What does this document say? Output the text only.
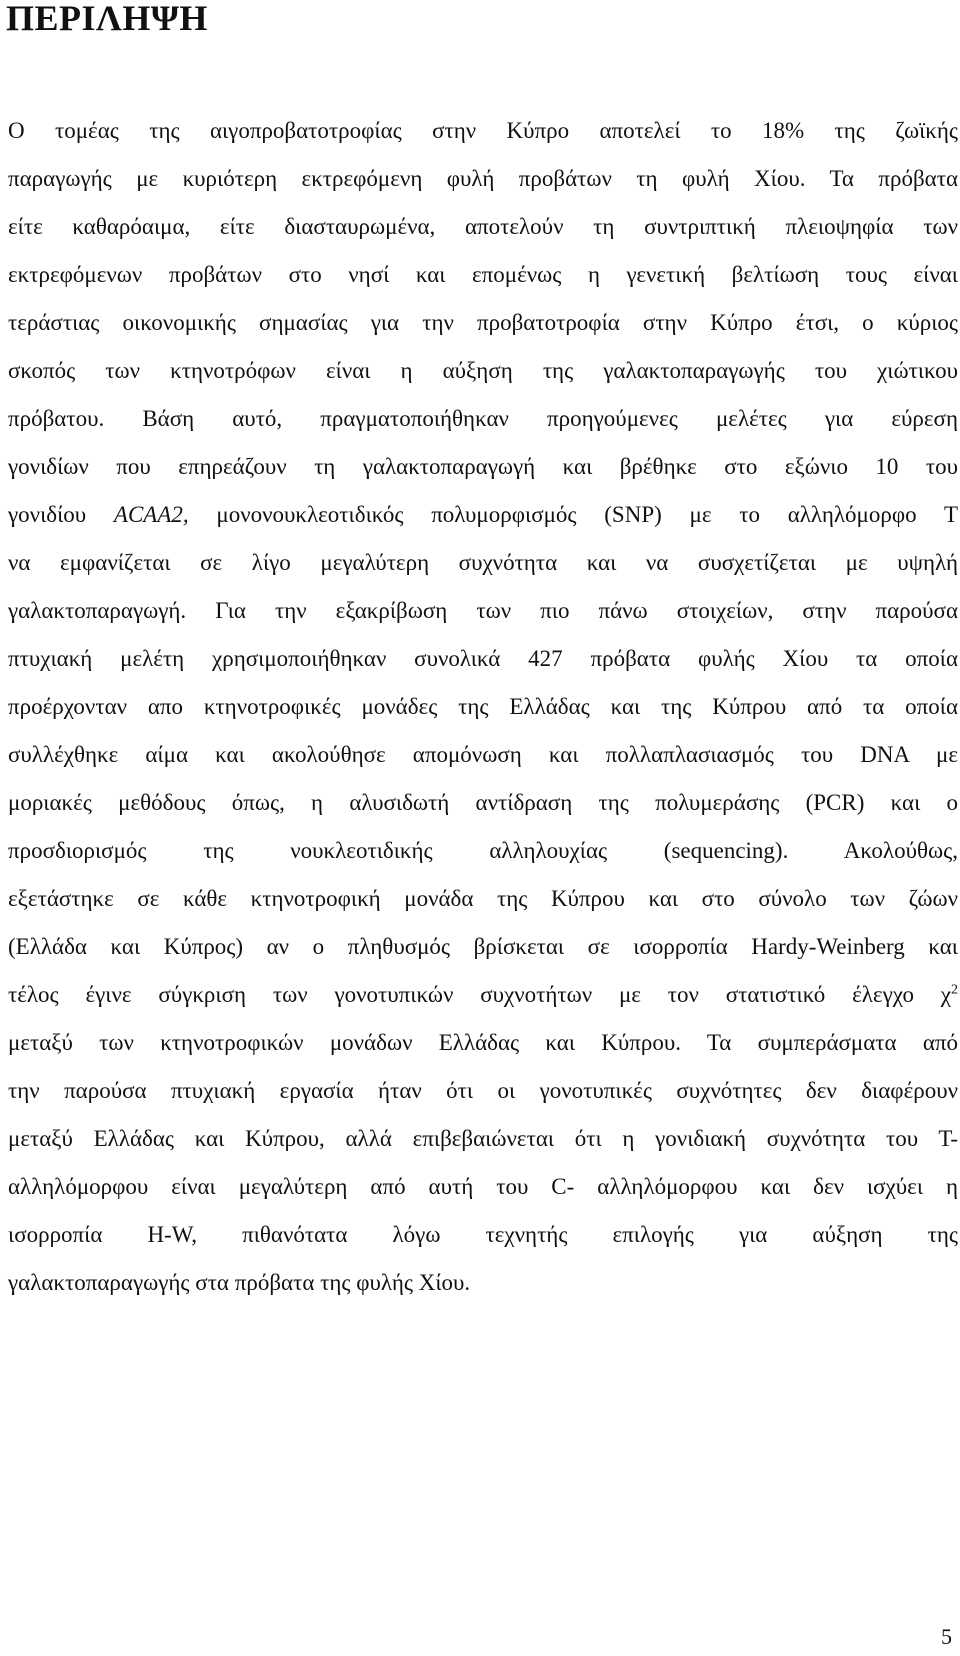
ΠΕΡΙΛΗΨΗ
Ο τομέας της αιγοπροβατοτροφίας στην Κύπρο αποτελεί το 18% της ζωϊκής
παραγωγής με κυριότερη εκτρεφόμενη φυλή προβάτων τη φυλή Χίου. Τα πρόβατα
είτε καθαρόαιμα, είτε διασταυρωμένα, αποτελούν τη συντριπτική πλειοψηφία των
εκτρεφόμενων προβάτων στο νησί και επομένως η γενετική βελτίωση τους είναι
τεράστιας οικονομικής σημασίας για την προβατοτροφία στην Κύπρο έτσι, ο κύριος
σκοπός των κτηνοτρόφων είναι η αύξηση της γαλακτοπαραγωγής του χιώτικου
πρόβατου. Βάση αυτό, πραγματοποιήθηκαν προηγούμενες μελέτες για εύρεση
γονιδίων που επηρεάζουν τη γαλακτοπαραγωγή και βρέθηκε στο εξώνιο 10 του
γονιδίου ACAA2, μονονουκλεοτιδικός πολυμορφισμός (SNP) με το αλληλόμορφο Τ
να εμφανίζεται σε λίγο μεγαλύτερη συχνότητα και να συσχετίζεται με υψηλή
γαλακτοπαραγωγή. Για την εξακρίβωση των πιο πάνω στοιχείων, στην παρούσα
πτυχιακή μελέτη χρησιμοποιήθηκαν συνολικά 427 πρόβατα φυλής Χίου τα οποία
προέρχονταν απο κτηνοτροφικές μονάδες της Ελλάδας και της Κύπρου από τα οποία
συλλέχθηκε αίμα και ακολούθησε απομόνωση και πολλαπλασιασμός του DNA με
μοριακές μεθόδους όπως, η αλυσιδωτή αντίδραση της πολυμεράσης (PCR) και ο
προσδιορισμός της νουκλεοτιδικής αλληλουχίας (sequencing). Ακολούθως,
εξετάστηκε σε κάθε κτηνοτροφική μονάδα της Κύπρου και στο σύνολο των ζώων
(Ελλάδα και Κύπρος) αν ο πληθυσμός βρίσκεται σε ισορροπία Hardy-Weinberg και
τέλος έγινε σύγκριση των γονοτυπικών συχνοτήτων με τον στατιστικό έλεγχο $\chi^2$
μεταξύ των κτηνοτροφικών μονάδων Ελλάδας και Κύπρου. Τα συμπεράσματα από
την παρούσα πτυχιακή εργασία ήταν ότι οι γονοτυπικές συχνότητες δεν διαφέρουν
μεταξύ Ελλάδας και Κύπρου, αλλά επιβεβαιώνεται ότι η γονιδιακή συχνότητα του Τ-
αλληλόμορφου είναι μεγαλύτερη από αυτή του C- αλληλόμορφου και δεν ισχύει η
ισορροπία H-W, πιθανότατα λόγω τεχνητής επιλογής για αύξηση της
γαλακτοπαραγωγής στα πρόβατα της φυλής Χίου.
5
